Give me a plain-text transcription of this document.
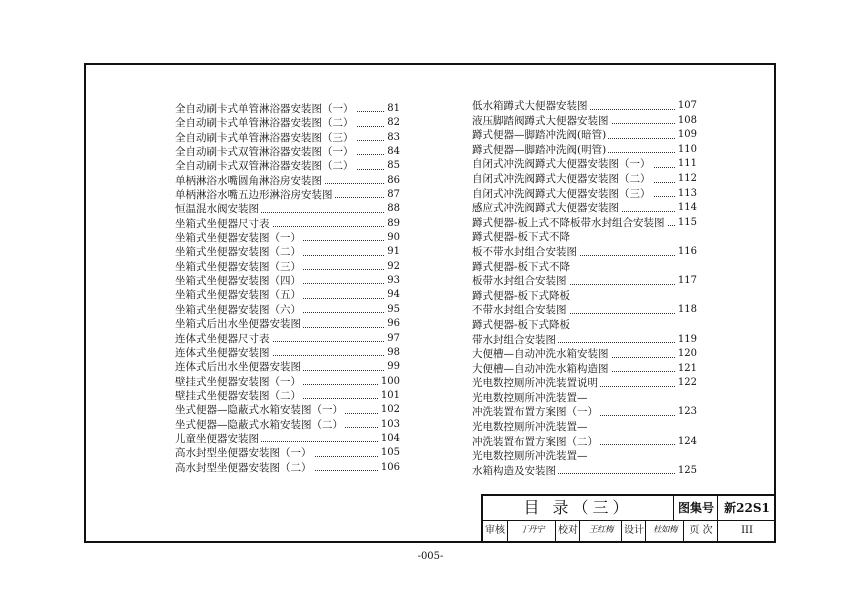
全自动刷卡式单管淋浴器安装图（一）	81
全自动刷卡式单管淋浴器安装图（二）	82
全自动刷卡式单管淋浴器安装图（三）	83
全自动刷卡式双管淋浴器安装图（一）	84
全自动刷卡式双管淋浴器安装图（二）	85
单柄淋浴水嘴圆角淋浴房安装图	86
单柄淋浴水嘴五边形淋浴房安装图	87
恒温混水阀安装图	88
坐箱式坐便器尺寸表	89
坐箱式坐便器安装图（一）	90
坐箱式坐便器安装图（二）	91
坐箱式坐便器安装图（三）	92
坐箱式坐便器安装图（四）	93
坐箱式坐便器安装图（五）	94
坐箱式坐便器安装图（六）	95
坐箱式后出水坐便器安装图	96
连体式坐便器尺寸表	97
连体式坐便器安装图	98
连体式后出水坐便器安装图	99
壁挂式坐便器安装图（一）	100
壁挂式坐便器安装图（二）	101
坐式便器—隐蔽式水箱安装图（一）	102
坐式便器—隐蔽式水箱安装图（二）	103
儿童坐便器安装图	104
高水封型坐便器安装图（一）	105
高水封型坐便器安装图（二）	106
低水箱蹲式大便器安装图	107
液压脚踏阀蹲式大便器安装图	108
蹲式便器—脚踏冲洗阀(暗管)	109
蹲式便器—脚踏冲洗阀(明管)	110
自闭式冲洗阀蹲式大便器安装图（一）	111
自闭式冲洗阀蹲式大便器安装图（二）	112
自闭式冲洗阀蹲式大便器安装图（三）	113
感应式冲洗阀蹲式大便器安装图	114
蹲式便器-板上式不降板带水封组合安装图 115
蹲式便器-板下式不降
板不带水封组合安装图	116
蹲式便器-板下式不降
板带水封组合安装图	117
蹲式便器-板下式降板
不带水封组合安装图	118
蹲式便器-板下式降板
带水封组合安装图	119
大便槽—自动冲洗水箱安装图	120
大便槽—自动冲洗水箱构造图	121
光电数控厕所冲洗装置说明	122
光电数控厕所冲洗装置—
冲洗装置布置方案图（一）	123
光电数控厕所冲洗装置—
冲洗装置布置方案图（二）	124
光电数控厕所冲洗装置—
水箱构造及安装图	125
目 录（三）	图集号 新22S1
审核	丁丹宁	校对	王红梅	设计	杜如梅	页 次	III
-005-
